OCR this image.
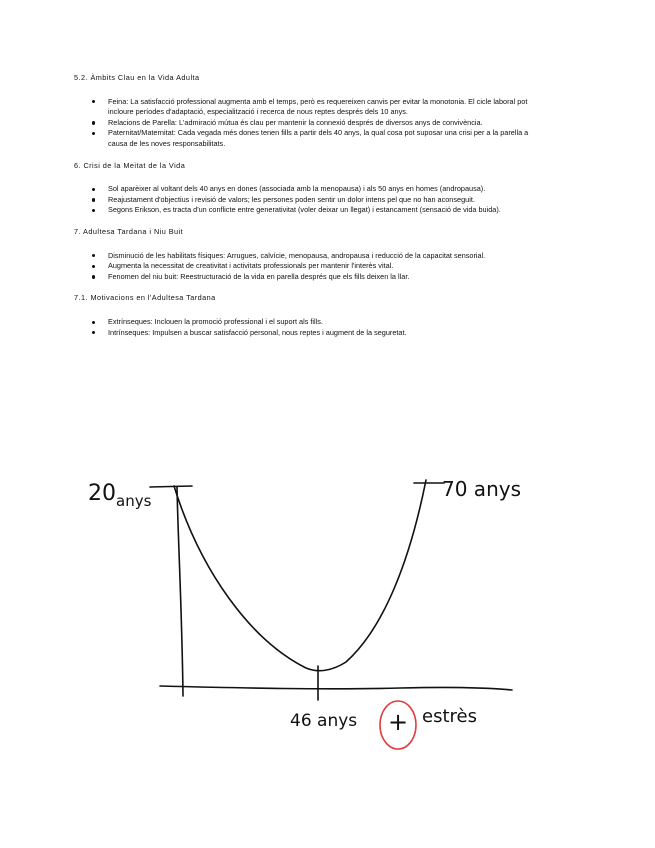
5.2. Àmbits Clau en la Vida Adulta
Feina: La satisfacció professional augmenta amb el temps, però es requereixen canvis per evitar la monotonia. El cicle laboral pot incloure períodes d'adaptació, especialització i recerca de nous reptes després dels 10 anys.
Relacions de Parella: L'admiració mútua és clau per mantenir la connexió després de diversos anys de convivència.
Paternitat/Maternitat: Cada vegada més dones tenen fills a partir dels 40 anys, la qual cosa pot suposar una crisi per a la parella a causa de les noves responsabilitats.
6. Crisi de la Meitat de la Vida
Sol aparèixer al voltant dels 40 anys en dones (associada amb la menopausa) i als 50 anys en homes (andropausa).
Reajustament d'objectius i revisió de valors; les persones poden sentir un dolor intens pel que no han aconseguit.
Segons Erikson, es tracta d'un conflicte entre generativitat (voler deixar un llegat) i estancament (sensació de vida buida).
7. Adultesa Tardana i Niu Buit
Disminució de les habilitats físiques: Arrugues, calvície, menopausa, andropausa i reducció de la capacitat sensorial.
Augmenta la necessitat de creativitat i activitats professionals per mantenir l'interès vital.
Fenomen del niu buit: Reestructuració de la vida en parella després que els fills deixen la llar.
7.1. Motivacions en l'Adultesa Tardana
Extrínseques: Inclouen la promoció professional i el suport als fills.
Intrínseques: Impulsen a buscar satisfacció personal, nous reptes i augment de la seguretat.
20 anys	70 anys
46 anys + estrès
